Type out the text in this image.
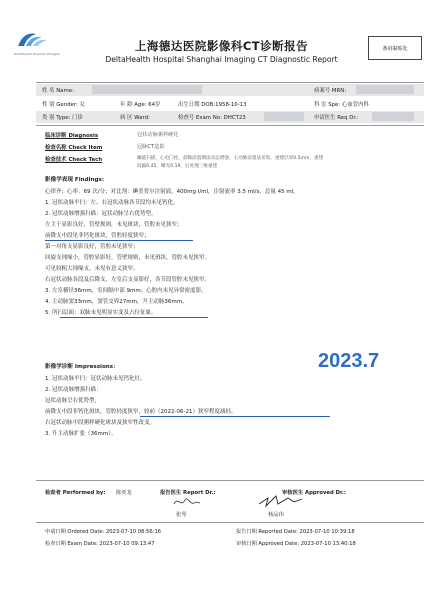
DeltaHealth Hospital Shanghai
上海德达医院影像科CT诊断报告
DeltaHealth Hospital Shanghai Imaging CT Diagnostic Report
条码黏贴处
姓 名 Name:	病案号 MRN:
性 别 Gender: 女	年 龄 Age: 64岁	出生日期 DOB:1958-10-13	科 室 Spe: 心血管内科
类 别 Type: 门诊	病 区 Ward:	检查号 Exam No: DHCT23	申请医生 Req Dr.:
临床诊断 Diagnosis	冠状动脉粥样硬化
检查名称 Check Item	冠脉CT造影
检查技术 Check Tech	螺旋扫描，心电门控，前瞻前置期法动态增强，主动脉前置法采集，重建层厚0.5mm，重建
间隔0.45，曝光0.19，后处理三维重建
影像学表现 Findings:
心律齐；心率：69 次/分；对比剂：碘美普尔注射液，400mg I/ml，注射流率 3.5 ml/s，总量 45 ml。
1. 冠状动脉平扫：左、右冠状动脉各节段均未见钙化。
2. 冠状动脉增强扫描：冠状动脉呈右优势型。
左主干显影良好，管壁规则，未见斑块，管腔未见狭窄；
前降支中段见非钙化斑块，管腔轻度狭窄；
第一对角支显影良好，管腔未见狭窄；
回旋支钝缘小，管腔显影好，管壁规则，未见斑块，管腔未见狭窄。
可见较粗大钝缘支，未见有意义狭窄。
右冠状动脉各段及后降支、左室后支显影好，各节段管腔未见狭窄。
3. 左室横径36mm，室间隔中部 9mm；心腔内未见异常密度影。
4. 主动脉窦33mm，窦管交界27mm，升主动脉36mm。
5. 所扫层面：双肺未见明显实变及占位征象。
2023.7
影像学诊断 Impressions：
1. 冠状动脉平扫：冠状动脉未见钙化灶。
2. 冠状动脉增强扫描：
冠状动脉呈右优势型，
前降支中段非钙化斑块，管腔轻度狭窄，较前（2022-06-21）狭窄程度减轻。
右冠状动脉中段粥样硬化斑块及狭窄性改变。
3. 升主动脉扩张（36mm）。
检查者 Performed by: 陈奕龙	报告医生 Report Dr.:
张琴
审核医生 Approved Dr.:
杨品伟
申请日期 Ordered Date: 2023-07-10 08:56:16	报告日期 Reported Date: 2023-07-10 10:39:18
检查日期 Exam Date: 2023-07-10 09:13:47	审核日期 Approved Date: 2023-07-10 13:40:18
